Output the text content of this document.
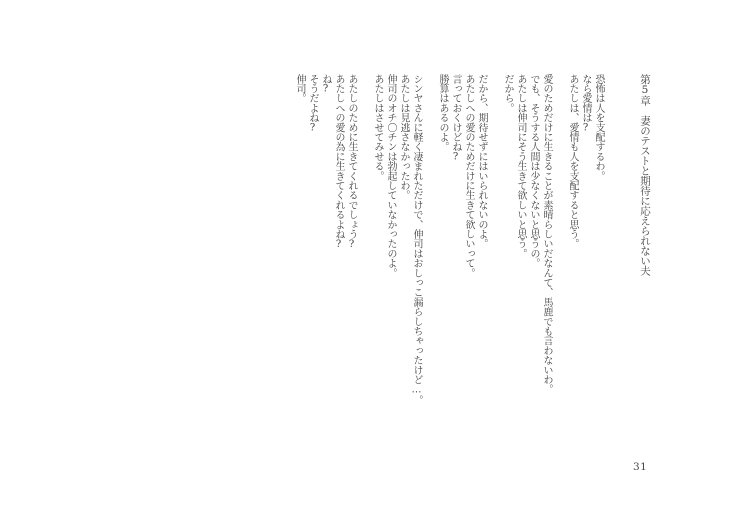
第5章　妻のテストと期待に応えられない夫

恐怖は人を支配するわ。

なら愛情は?

あたしは、愛情も人を支配すると思う。

愛のためだけに生きることが素晴らしいだなんて、馬鹿でも言わないわ。

でも、そうする人間は少なくないと思うの。

あたしは伸司にそう生きて欲しいと思う。

だから。

だから、期待せずにはいられないのよ。

あたしへの愛のためだけに生きて欲しいって。

言っておくけどね?

勝算はあるのよ。

シンヤさんに軽く凄まれただけで、伸司はおしっこ漏らしちゃったけど…。

あたしは見逃さなかったわ。

伸司のオチ〇チンは勃起していなかったのよ。

あたしはさせてみせる。

あたしのために生きてくれるでしょう?

あたしへの愛の為に生きてくれるよね?

ね?

そうだよね?

伸司。

31
